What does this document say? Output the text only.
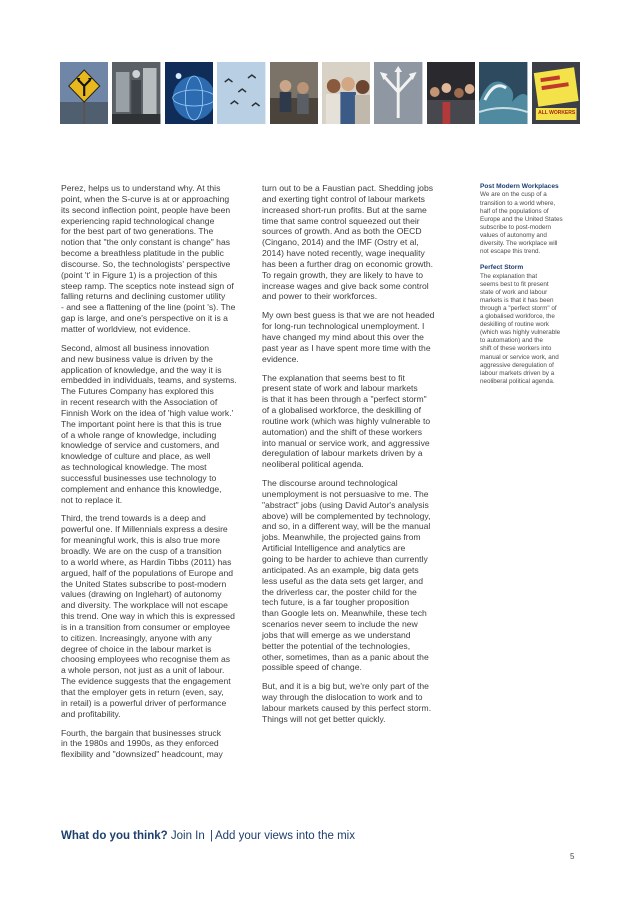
ALL WORKERS

Perez, helps us to understand why. At this
point, when the S-curve is at or approaching
its second inflection point, people have been
experiencing rapid technological change
for the best part of two generations. The
notion that "the only constant is change" has
become a breathless platitude in the public
discourse. So, the technologists' perspective
(point 't' in Figure 1) is a projection of this
steep ramp. The sceptics note instead sign of
falling returns and declining customer utility
- and see a flattening of the line (point 's). The
gap is large, and one's perspective on it is a
matter of worldview, not evidence.

Second, almost all business innovation
and new business value is driven by the
application of knowledge, and the way it is
embedded in individuals, teams, and systems.
The Futures Company has explored this
in recent research with the Association of
Finnish Work on the idea of 'high value work.'
The important point here is that this is true
of a whole range of knowledge, including
knowledge of service and customers, and
knowledge of culture and place, as well
as technological knowledge. The most
successful businesses use technology to
complement and enhance this knowledge,
not to replace it.

Third, the trend towards is a deep and
powerful one. If Millennials express a desire
for meaningful work, this is also true more
broadly. We are on the cusp of a transition
to a world where, as Hardin Tibbs (2011) has
argued, half of the populations of Europe and
the United States subscribe to post-modern
values (drawing on Inglehart) of autonomy
and diversity. The workplace will not escape
this trend. One way in which this is expressed
is in a transition from consumer or employee
to citizen. Increasingly, anyone with any
degree of choice in the labour market is
choosing employees who recognise them as
a whole person, not just as a unit of labour.
The evidence suggests that the engagement
that the employer gets in return (even, say,
in retail) is a powerful driver of performance
and profitability.

Fourth, the bargain that businesses struck
in the 1980s and 1990s, as they enforced
flexibility and "downsized" headcount, may

turn out to be a Faustian pact. Shedding jobs
and exerting tight control of labour markets
increased short-run profits. But at the same
time that same control squeezed out their
sources of growth. And as both the OECD
(Cingano, 2014) and the IMF (Ostry et al,
2014) have noted recently, wage inequality
has been a further drag on economic growth.
To regain growth, they are likely to have to
increase wages and give back some control
and power to their workforces.

My own best guess is that we are not headed
for long-run technological unemployment. I
have changed my mind about this over the
past year as I have spent more time with the
evidence.

The explanation that seems best to fit
present state of work and labour markets
is that it has been through a "perfect storm"
of a globalised workforce, the deskilling of
routine work (which was highly vulnerable to
automation) and the shift of these workers
into manual or service work, and aggressive
deregulation of labour markets driven by a
neoliberal political agenda.

The discourse around technological
unemployment is not persuasive to me. The
"abstract" jobs (using David Autor's analysis
above) will be complemented by technology,
and so, in a different way, will be the manual
jobs. Meanwhile, the projected gains from
Artificial Intelligence and analytics are
going to be harder to achieve than currently
anticipated. As an example, big data gets
less useful as the data sets get larger, and
the driverless car, the poster child for the
tech future, is a far tougher proposition
than Google lets on. Meanwhile, these tech
scenarios never seem to include the new
jobs that will emerge as we understand
better the potential of the technologies,
other, sometimes, than as a panic about the
possible speed of change.

But, and it is a big but, we're only part of the
way through the dislocation to work and to
labour markets caused by this perfect storm.
Things will not get better quickly.

Post Modern Workplaces

We are on the cusp of a
transition to a world where,
half of the populations of
Europe and the United States
subscribe to post-modern
values of autonomy and
diversity. The workplace will
not escape this trend.

Perfect Storm

The explanation that
seems best to fit present
state of work and labour
markets is that it has been
through a "perfect storm" of
a globalised workforce, the
deskilling of routine work
(which was highly vulnerable
to automation) and the
shift of these workers into
manual or service work, and
aggressive deregulation of
labour markets driven by a
neoliberal political agenda.

What do you think? Join In | Add your views into the mix
5
